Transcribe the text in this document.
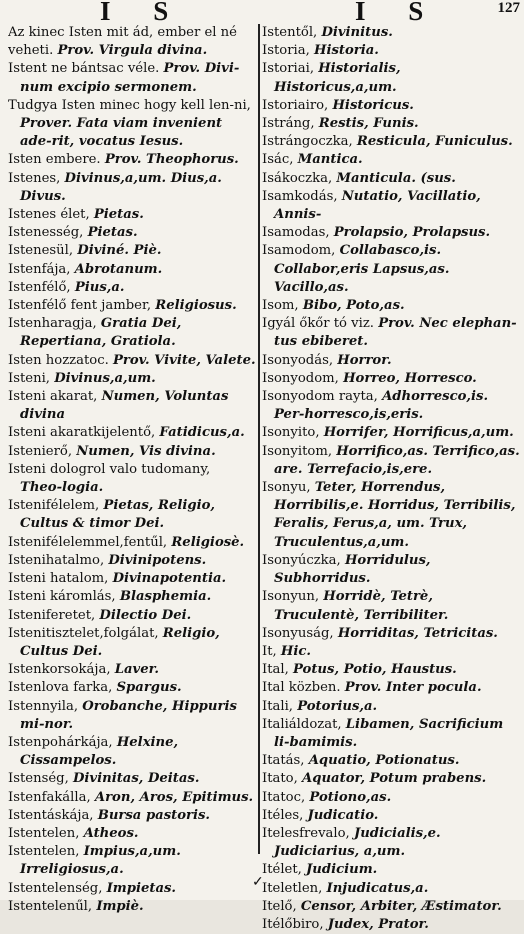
I S	I S	127
Az kinec Isten mit ád, ember el né
veheti. Prov. Virgula divina.
Istent ne bántsac véle. Prov. Divi-num excipio sermonem.
Tudgya Isten minec hogy kell len-ni, Prover. Fata viam invenient ade-rit, vocatus Iesus.
Isten embere. Prov. Theophorus.
Istenes, Divinus,a,um. Dius,a. Divus.
Istenes élet, Pietas.
Istenesség, Pietas.
Istenesül, Diviné. Piè.
Istenfája, Abrotanum.
Istenfélő, Pius,a.
Istenfélő fent jamber, Religiosus.
Istenharagja, Gratia Dei, Repertiana, Gratiola.
Isten hozzatoc. Prov. Vivite, Valete.
Isteni, Divinus,a,um.
Isteni akarat, Numen, Voluntas divina
Isteni akaratkijelentő, Fatidicus,a.
Istenierő, Numen, Vis divina.
Isteni dologrol valo tudomany, Theo-logia.
Istenifélelem, Pietas, Religio, Cultus & timor Dei.
Istenifélelemmel,fentűl, Religiosè.
Istenihatalmo, Divinipotens.
Isteni hatalom, Divinapotentia.
Isteni káromlás, Blasphemia.
Isteniferetet, Dilectio Dei.
Istenitisztelet,folgálat, Religio, Cultus Dei.
Istenkorsokája, Laver.
Istenlova farka, Spargus.
Istennyila, Orobanche, Hippuris mi-nor.
Istenpohárkája, Helxine, Cissampelos.
Istenség, Divinitas, Deitas.
Istenfakálla, Aron, Aros, Epitimus.
Istentáskája, Bursa pastoris.
Istentelen, Atheos.
Istentelen, Impius,a,um. Irreligiosus,a.
Istentelenség, Impietas.
Istentelenűl, Impiè.
Istentől, Divinitus.
Istoria, Historia.
Istoriai, Historialis, Historicus,a,um.
Istoriairo, Historicus.
Istráng, Restis, Funis.
Istrángoczka, Resticula, Funiculus.
Isác, Mantica.
Isákoczka, Manticula. (sus.
Isamkodás, Nutatio, Vacillatio, Annis-
Isamodas, Prolapsio, Prolapsus.
Isamodom, Collabasco,is. Collabor,eris Lapsus,as. Vacillo,as.
Isom, Bibo, Poto,as.
Igyál őkőr tó viz. Prov. Nec elephan-tus ebiberet.
Isonyodás, Horror.
Isonyodom, Horreo, Horresco.
Isonyodom rayta, Adhorresco,is. Per-horresco,is,eris.
Isonyito, Horrifer, Horrificus,a,um.
Isonyitom, Horrifico,as. Terrifico,as. are. Terrefacio,is,ere.
Isonyu, Teter, Horrendus, Horribilis,e. Horridus, Terribilis, Feralis, Ferus,a, um. Trux, Truculentus,a,um.
Isonyúczka, Horridulus, Subhorridus.
Isonyun, Horridè, Tetrè, Truculentè, Terribiliter.
Isonyuság, Horriditas, Tetricitas.
It, Hic.
Ital, Potus, Potio, Haustus.
Ital közben. Prov. Inter pocula.
Itali, Potorius,a.
Italiáldozat, Libamen, Sacrificium li-bamimis.
Itatás, Aquatio, Potionatus.
Itato, Aquator, Potum prabens.
Itatoc, Potiono,as.
Itéles, Judicatio.
Itelesfrevalo, Judicialis,e. Judiciarius, a,um.
Itélet, Judicium.
Iteletlen, Injudicatus,a.
Itelő, Censor, Arbiter, Æstimator.
Itélőbiro, Judex, Prator.
✓
